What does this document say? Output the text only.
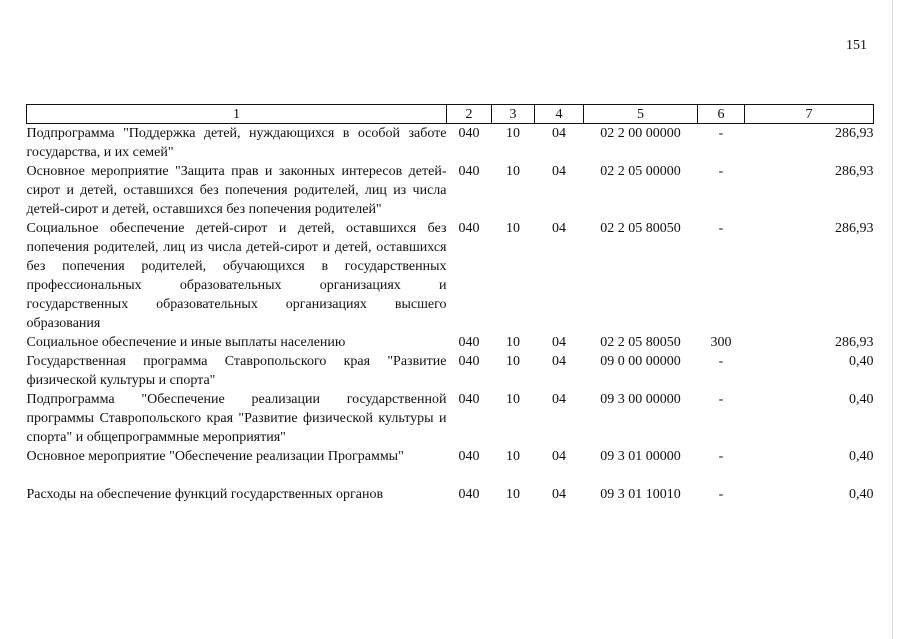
151
1	2	3	4	5	6	7
Подпрограмма "Поддержка детей, нуждающихся в особой заботе государства, и их семей"	040	10	04	02 2 00 00000	-	286,93
Основное мероприятие "Защита прав и законных интересов детей-сирот и детей, оставшихся без попечения родителей, лиц из числа детей-сирот и детей, оставшихся без попечения родителей"	040	10	04	02 2 05 00000	-	286,93
Социальное обеспечение детей-сирот и детей, оставшихся без попечения родителей, лиц из числа детей-сирот и детей, оставшихся без попечения родителей, обучающихся в государственных профессиональных образовательных организациях и государственных образовательных организациях высшего образования	040	10	04	02 2 05 80050	-	286,93
Социальное обеспечение и иные выплаты населению	040	10	04	02 2 05 80050	300	286,93
Государственная программа Ставропольского края "Развитие физической культуры и спорта"	040	10	04	09 0 00 00000	-	0,40
Подпрограмма "Обеспечение реализации государственной программы Ставропольского края "Развитие физической культуры и спорта" и общепрограммные мероприятия"	040	10	04	09 3 00 00000	-	0,40
Основное мероприятие "Обеспечение реализации Программы"	040	10	04	09 3 01 00000	-	0,40

Расходы на обеспечение функций государственных органов	040	10	04	09 3 01 10010	-	0,40
